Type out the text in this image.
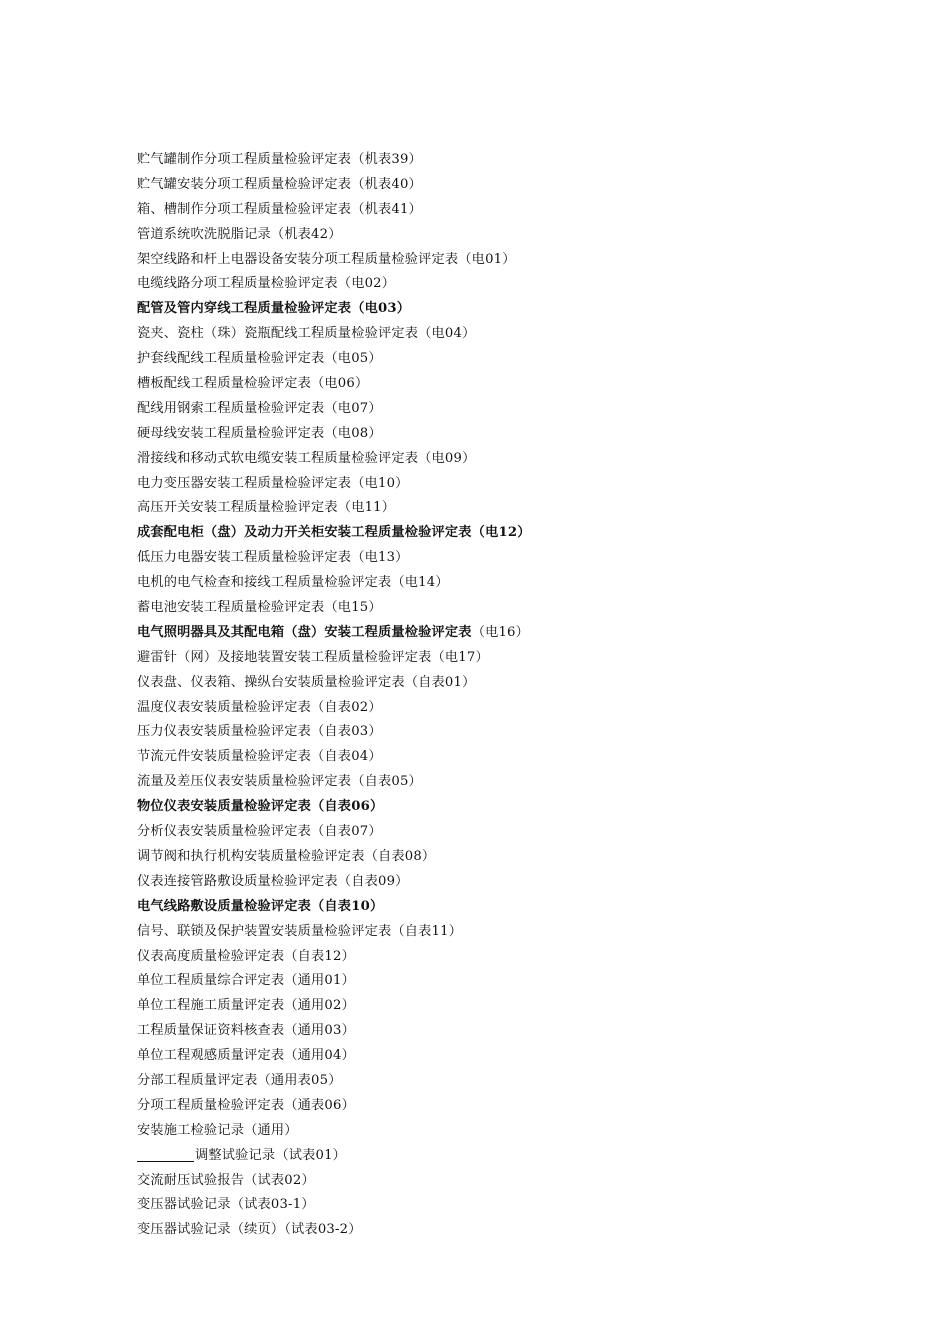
贮气罐制作分项工程质量检验评定表（机表39）
贮气罐安装分项工程质量检验评定表（机表40）
箱、槽制作分项工程质量检验评定表（机表41）
管道系统吹洗脱脂记录（机表42）
架空线路和杆上电器设备安装分项工程质量检验评定表（电01）
电缆线路分项工程质量检验评定表（电02）
配管及管内穿线工程质量检验评定表（电03）
瓷夹、瓷柱（珠）瓷瓶配线工程质量检验评定表（电04）
护套线配线工程质量检验评定表（电05）
槽板配线工程质量检验评定表（电06）
配线用钢索工程质量检验评定表（电07）
硬母线安装工程质量检验评定表（电08）
滑接线和移动式软电缆安装工程质量检验评定表（电09）
电力变压器安装工程质量检验评定表（电10）
高压开关安装工程质量检验评定表（电11）
成套配电柜（盘）及动力开关柜安装工程质量检验评定表（电12）
低压力电器安装工程质量检验评定表（电13）
电机的电气检查和接线工程质量检验评定表（电14）
蓄电池安装工程质量检验评定表（电15）
电气照明器具及其配电箱（盘）安装工程质量检验评定表（电16）
避雷针（网）及接地装置安装工程质量检验评定表（电17）
仪表盘、仪表箱、操纵台安装质量检验评定表（自表01）
温度仪表安装质量检验评定表（自表02）
压力仪表安装质量检验评定表（自表03）
节流元件安装质量检验评定表（自表04）
流量及差压仪表安装质量检验评定表（自表05）
物位仪表安装质量检验评定表（自表06）
分析仪表安装质量检验评定表（自表07）
调节阀和执行机构安装质量检验评定表（自表08）
仪表连接管路敷设质量检验评定表（自表09）
电气线路敷设质量检验评定表（自表10）
信号、联锁及保护装置安装质量检验评定表（自表11）
仪表高度质量检验评定表（自表12）
单位工程质量综合评定表（通用01）
单位工程施工质量评定表（通用02）
工程质量保证资料核查表（通用03）
单位工程观感质量评定表（通用04）
分部工程质量评定表（通用表05）
分项工程质量检验评定表（通表06）
安装施工检验记录（通用）
调整试验记录（试表01）
交流耐压试验报告（试表02）
变压器试验记录（试表03-1）
变压器试验记录（续页）（试表03-2）
